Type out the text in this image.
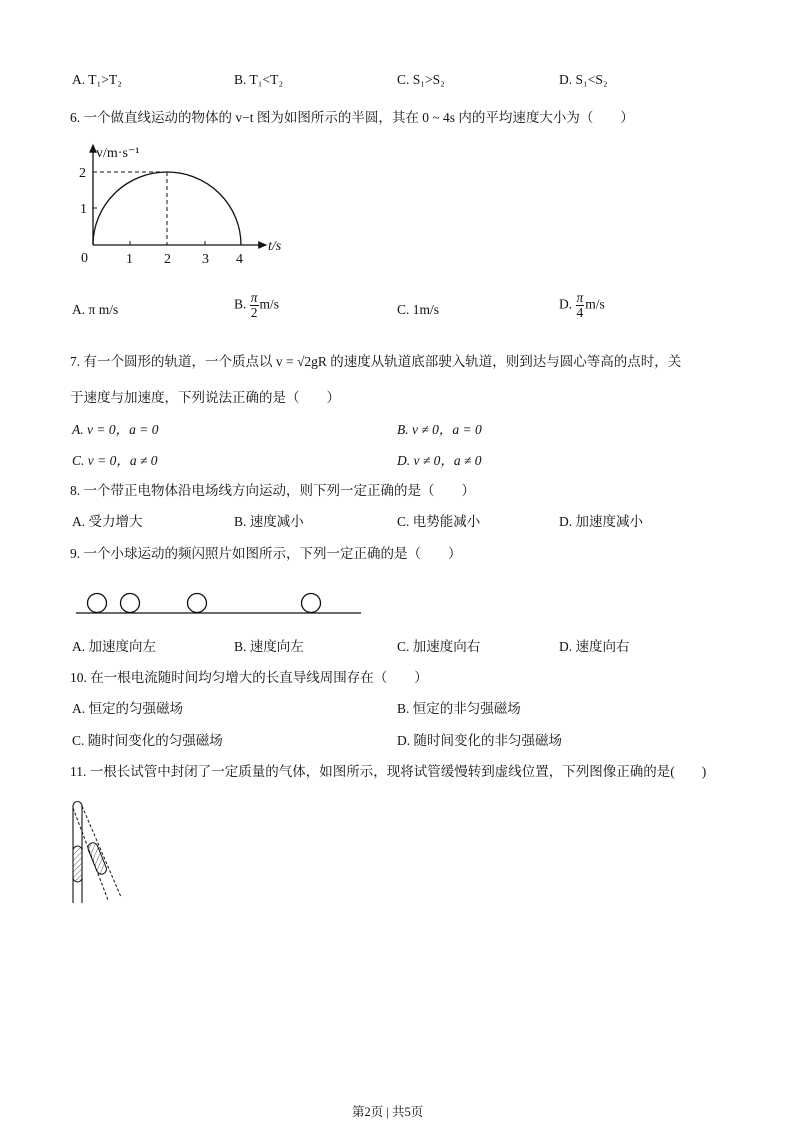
A. T₁>T₂	B. T₁<T₂	C. S₁>S₂	D. S₁<S₂
6. 一个做直线运动的物体的 v−t 图为如图所示的半圆，其在 0 ~ 4s 内的平均速度大小为（　　）
v/m·s⁻¹
t/s
0	1 2 3 4
1
2
A. π m/s	B. $\frac{\pi}{2} m/s$	C. 1m/s	D. $\frac{\pi}{4} m/s$
7. 有一个圆形的轨道，一个质点以 v = √2gR 的速度从轨道底部驶入轨道，则到达与圆心等高的点时，关
于速度与加速度，下列说法正确的是（　　）
A. v = 0，a = 0	B. v ≠ 0，a = 0
C. v = 0，a ≠ 0	D. v ≠ 0，a ≠ 0
8. 一个带正电物体沿电场线方向运动，则下列一定正确的是（　　）
A. 受力增大	B. 速度减小	C. 电势能减小	D. 加速度减小
9. 一个小球运动的频闪照片如图所示，下列一定正确的是（　　）
A. 加速度向左	B. 速度向左	C. 加速度向右	D. 速度向右
10. 在一根电流随时间均匀增大的长直导线周围存在（　　）
A. 恒定的匀强磁场	B. 恒定的非匀强磁场
C. 随时间变化的匀强磁场	D. 随时间变化的非匀强磁场
11. 一根长试管中封闭了一定质量的气体，如图所示，现将试管缓慢转到虚线位置，下列图像正确的是(　　)
第2页 | 共5页
